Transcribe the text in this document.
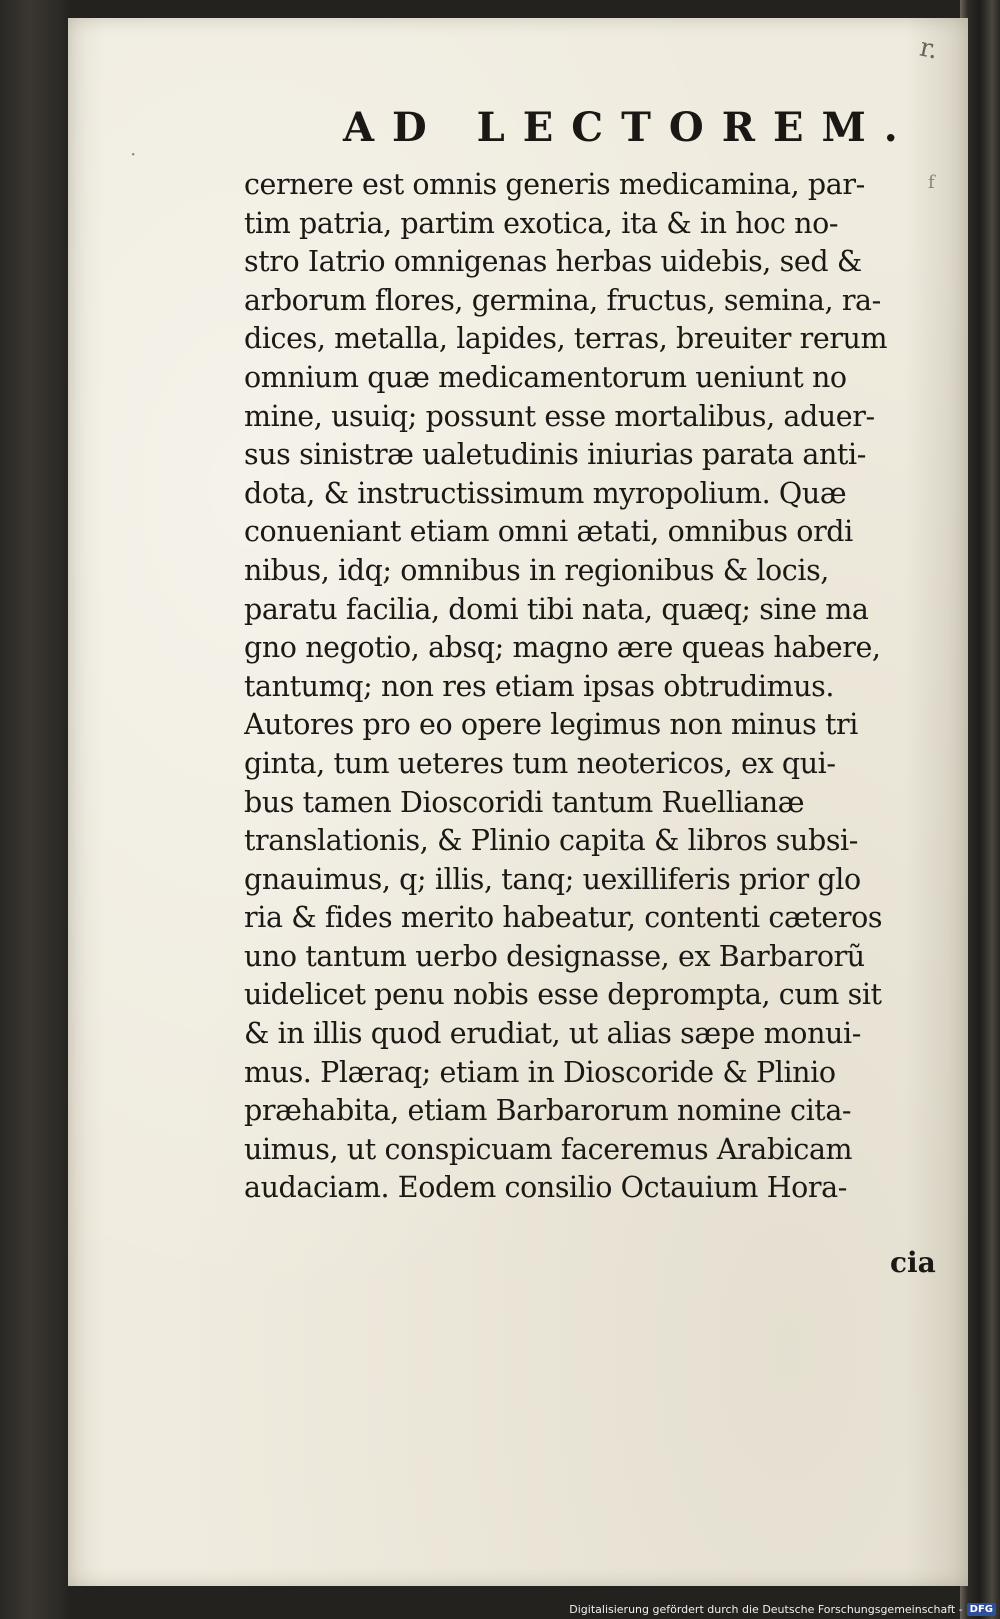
AD LECTOREM.
cernere est omnis generis medicamina, par-
tim patria, partim exotica, ita & in hoc no-
stro Iatrio omnigenas herbas uidebis, sed &
arborum flores, germina, fructus, semina, ra-
dices, metalla, lapides, terras, breuiter rerum
omnium quæ medicamentorum ueniunt no
mine, usuiq; possunt esse mortalibus, aduer-
sus sinistræ ualetudinis iniurias parata anti-
dota, & instructissimum myropolium. Quæ
conueniant etiam omni ætati, omnibus ordi
nibus, idq; omnibus in regionibus & locis,
paratu facilia, domi tibi nata, quæq; sine ma
gno negotio, absq; magno ære queas habere,
tantumq; non res etiam ipsas obtrudimus.
Autores pro eo opere legimus non minus tri
ginta, tum ueteres tum neotericos, ex qui-
bus tamen Dioscoridi tantum Ruellianæ
translationis, & Plinio capita & libros subsi-
gnauimus, q; illis, tanq; uexilliferis prior glo
ria & fides merito habeatur, contenti cæteros
uno tantum uerbo designasse, ex Barbarorũ
uidelicet penu nobis esse deprompta, cum sit
& in illis quod erudiat, ut alias sæpe monui-
mus. Plæraq; etiam in Dioscoride & Plinio
præhabita, etiam Barbarorum nomine cita-
uimus, ut conspicuam faceremus Arabicam
audaciam. Eodem consilio Octauium Hora-
cia
r.
f
·
Digitalisierung gefördert durch die Deutsche Forschungsgemeinschaft - DFG
